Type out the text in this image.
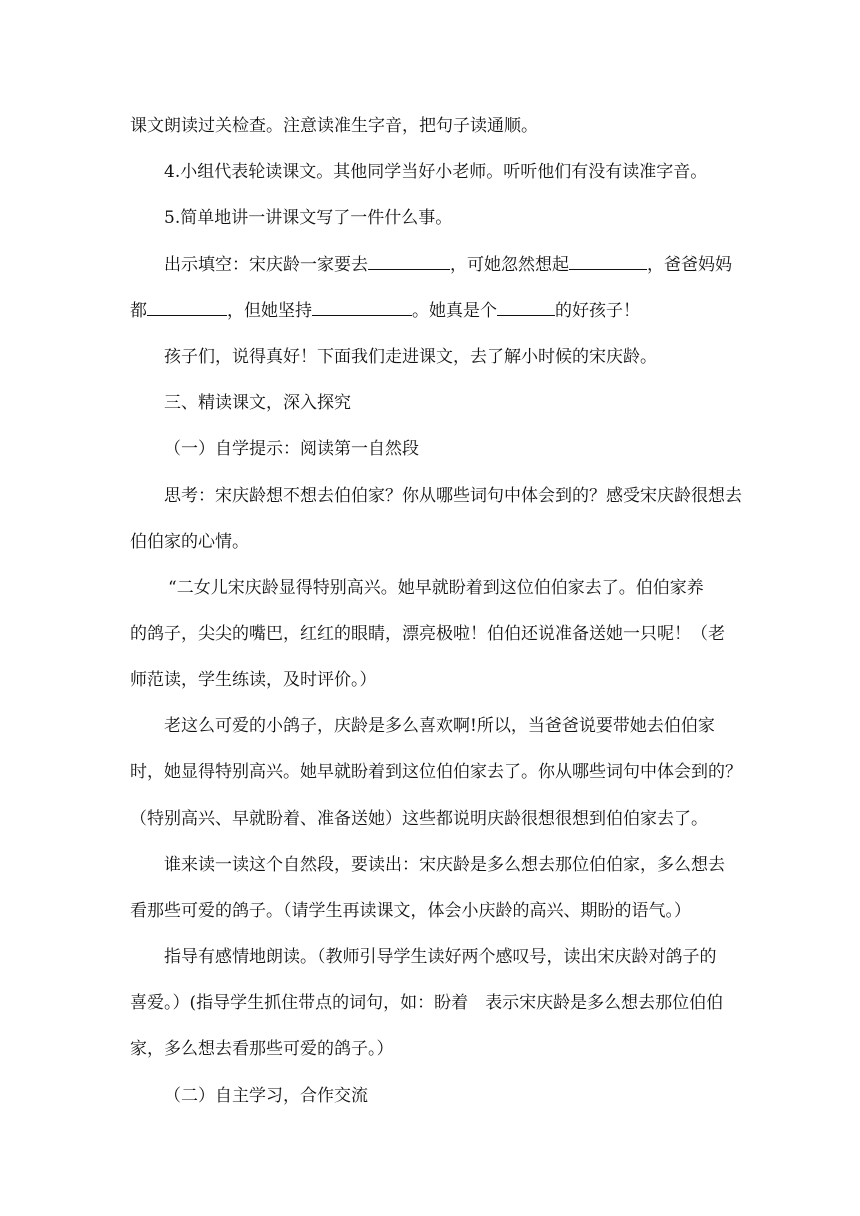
课文朗读过关检查。注意读准生字音，把句子读通顺。
4.小组代表轮读课文。其他同学当好小老师。听听他们有没有读准字音。
5.简单地讲一讲课文写了一件什么事。
出示填空：宋庆龄一家要去	，可她忽然想起	，爸爸妈妈
都	，但她坚持	。她真是个	的好孩子！
孩子们，说得真好！下面我们走进课文，去了解小时候的宋庆龄。
三、精读课文，深入探究
（一）自学提示：阅读第一自然段
思考：宋庆龄想不想去伯伯家？你从哪些词句中体会到的？感受宋庆龄很想去
伯伯家的心情。
“二女儿宋庆龄显得特别高兴。她早就盼着到这位伯伯家去了。伯伯家养
的鸽子，尖尖的嘴巴，红红的眼睛，漂亮极啦！伯伯还说准备送她一只呢！（老
师范读，学生练读，及时评价。）
老这么可爱的小鸽子，庆龄是多么喜欢啊!所以，当爸爸说要带她去伯伯家
时，她显得特别高兴。她早就盼着到这位伯伯家去了。你从哪些词句中体会到的？
（特别高兴、早就盼着、准备送她）这些都说明庆龄很想很想到伯伯家去了。
谁来读一读这个自然段，要读出：宋庆龄是多么想去那位伯伯家，多么想去
看那些可爱的鸽子。（请学生再读课文，体会小庆龄的高兴、期盼的语气。）
指导有感情地朗读。（教师引导学生读好两个感叹号，读出宋庆龄对鸽子的
喜爱。）(指导学生抓住带点的词句，如：盼着　表示宋庆龄是多么想去那位伯伯
家，多么想去看那些可爱的鸽子。）
（二）自主学习，合作交流
